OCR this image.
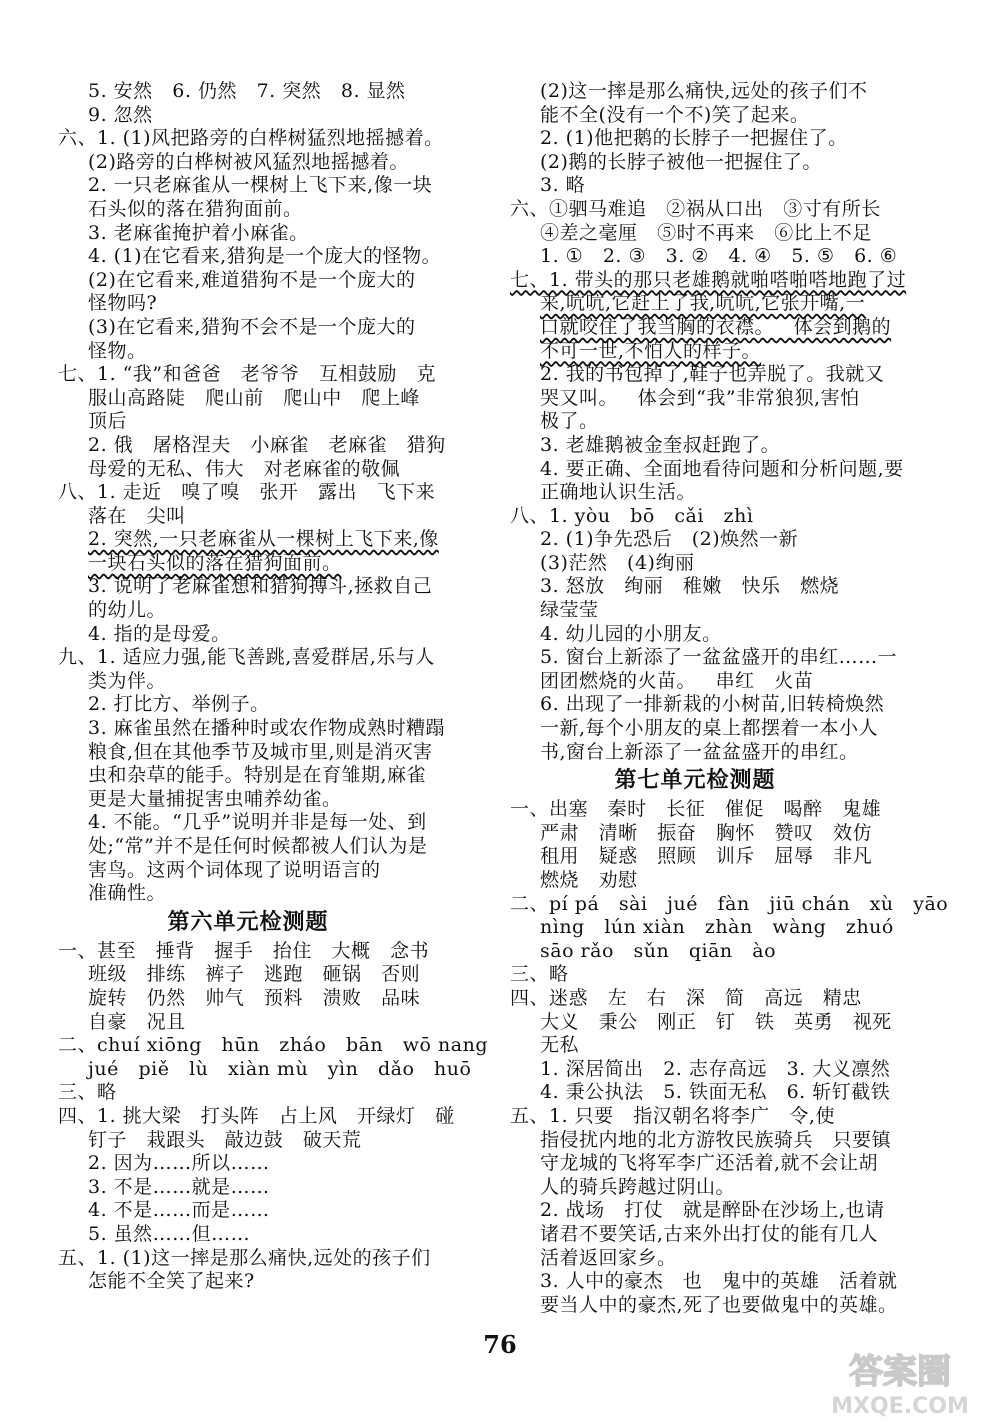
5. 安然   6. 仍然   7. 突然   8. 显然
9. 忽然
六、1. (1)风把路旁的白桦树猛烈地摇撼着。
(2)路旁的白桦树被风猛烈地摇撼着。
2. 一只老麻雀从一棵树上飞下来,像一块
石头似的落在猎狗面前。
3. 老麻雀掩护着小麻雀。
4. (1)在它看来,猎狗是一个庞大的怪物。
(2)在它看来,难道猎狗不是一个庞大的
怪物吗?
(3)在它看来,猎狗不会不是一个庞大的
怪物。
七、1. “我”和爸爸   老爷爷   互相鼓励   克
服山高路陡   爬山前   爬山中   爬上峰
顶后
2. 俄   屠格涅夫   小麻雀   老麻雀   猎狗
母爱的无私、伟大   对老麻雀的敬佩
八、1. 走近   嗅了嗅   张开   露出   飞下来
落在   尖叫
2. 突然,一只老麻雀从一棵树上飞下来,像
一块石头似的落在猎狗面前。
3. 说明了老麻雀想和猎狗搏斗,拯救自己
的幼儿。
4. 指的是母爱。
九、1. 适应力强,能飞善跳,喜爱群居,乐与人
类为伴。
2. 打比方、举例子。
3. 麻雀虽然在播种时或农作物成熟时糟蹋
粮食,但在其他季节及城市里,则是消灭害
虫和杂草的能手。特别是在育雏期,麻雀
更是大量捕捉害虫哺养幼雀。
4. 不能。“几乎”说明并非是每一处、到
处;“常”并不是任何时候都被人们认为是
害鸟。这两个词体现了说明语言的
准确性。
第六单元检测题
一、甚至   捶背   握手   抬住   大概   念书
班级   排练   裤子   逃跑   砸锅   否则
旋转   仍然   帅气   预料   溃败   品味
自豪   况且
二、chuí xiōng   hūn   zháo   bān   wō nang
jué   piě   lù   xiàn mù   yìn   dǎo   huō
三、略
四、1. 挑大梁   打头阵   占上风   开绿灯   碰
钉子   栽跟头   敲边鼓   破天荒
2. 因为……所以……
3. 不是……就是……
4. 不是……而是……
5. 虽然……但……
五、1. (1)这一摔是那么痛快,远处的孩子们
怎能不全笑了起来?
(2)这一摔是那么痛快,远处的孩子们不
能不全(没有一个不)笑了起来。
2. (1)他把鹅的长脖子一把握住了。
(2)鹅的长脖子被他一把握住了。
3. 略
六、①驷马难追   ②祸从口出   ③寸有所长
④差之毫厘   ⑤时不再来   ⑥比上不足
1. ①   2. ③   3. ②   4. ④   5. ⑤   6. ⑥
七、1. 带头的那只老雄鹅就啪嗒啪嗒地跑了过
来,吭吭,它赶上了我,吭吭,它张开嘴,一
口就咬住了我当胸的衣襟。   体会到鹅的
不可一世,不怕人的样子。
2. 我的书包掉了,鞋子也弄脱了。我就又
哭又叫。   体会到“我”非常狼狈,害怕
极了。
3. 老雄鹅被金奎叔赶跑了。
4. 要正确、全面地看待问题和分析问题,要
正确地认识生活。
八、1. yòu   bō   cǎi   zhì
2. (1)争先恐后   (2)焕然一新
(3)茫然   (4)绚丽
3. 怒放   绚丽   稚嫩   快乐   燃烧
绿莹莹
4. 幼儿园的小朋友。
5. 窗台上新添了一盆盆盛开的串红……一
团团燃烧的火苗。   串红   火苗
6. 出现了一排新栽的小树苗,旧转椅焕然
一新,每个小朋友的桌上都摆着一本小人
书,窗台上新添了一盆盆盛开的串红。
第七单元检测题
一、出塞   秦时   长征   催促   喝醉   鬼雄
严肃   清晰   振奋   胸怀   赞叹   效仿
租用   疑惑   照顾   训斥   屈辱   非凡
燃烧   劝慰
二、pí pá   sài   jué   fàn   jiū chán   xù   yāo
nìng   lún xiàn   zhàn   wàng   zhuó
sāo rǎo   sǔn   qiān   ào
三、略
四、迷惑   左   右   深   简   高远   精忠
大义   秉公   刚正   钉   铁   英勇   视死
无私
1. 深居简出   2. 志存高远   3. 大义凛然
4. 秉公执法   5. 铁面无私   6. 斩钉截铁
五、1. 只要   指汉朝名将李广   令,使
指侵扰内地的北方游牧民族骑兵   只要镇
守龙城的飞将军李广还活着,就不会让胡
人的骑兵跨越过阴山。
2. 战场   打仗   就是醉卧在沙场上,也请
诸君不要笑话,古来外出打仗的能有几人
活着返回家乡。
3. 人中的豪杰   也   鬼中的英雄   活着就
要当人中的豪杰,死了也要做鬼中的英雄。
76
答案圈
MXQE.COM
